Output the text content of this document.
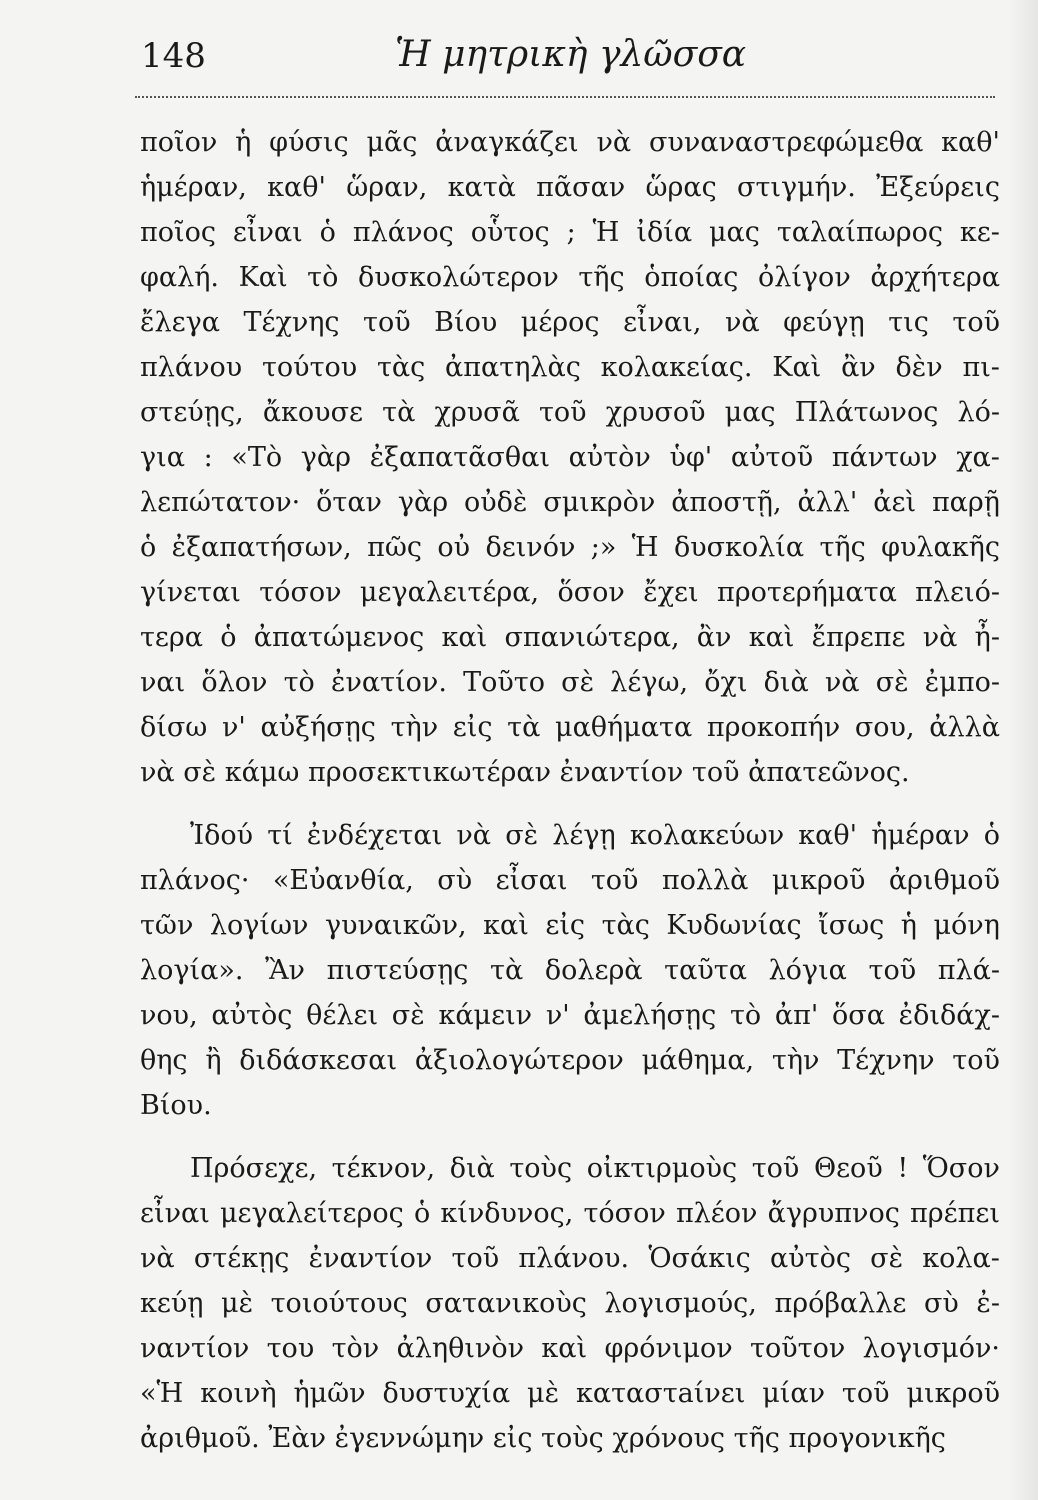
148	Ἡ μητρικὴ γλῶσσα
ποῖον ἡ φύσις μᾶς ἀναγκάζει νὰ συναναστρεφώμεθα καθ'
ἡμέραν, καθ' ὥραν, κατὰ πᾶσαν ὥρας στιγμήν. Ἐξεύρεις
ποῖος εἶναι ὁ πλάνος οὗτος ; Ἡ ἰδία μας ταλαίπωρος κε-
φαλή. Καὶ τὸ δυσκολώτερον τῆς ὁποίας ὀλίγον ἀρχήτερα
ἔλεγα Τέχνης τοῦ Βίου μέρος εἶναι, νὰ φεύγῃ τις τοῦ
πλάνου τούτου τὰς ἀπατηλὰς κολακείας. Καὶ ἂν δὲν πι-
στεύῃς, ἄκουσε τὰ χρυσᾶ τοῦ χρυσοῦ μας Πλάτωνος λό-
για : «Τὸ γὰρ ἐξαπατᾶσθαι αὐτὸν ὑφ' αὐτοῦ πάντων χα-
λεπώτατον· ὅταν γὰρ οὐδὲ σμικρὸν ἀποστῇ, ἀλλ' ἀεὶ παρῇ
ὁ ἐξαπατήσων, πῶς οὐ δεινόν ;» Ἡ δυσκολία τῆς φυλακῆς
γίνεται τόσον μεγαλειτέρα, ὅσον ἔχει προτερήματα πλειό-
τερα ὁ ἀπατώμενος καὶ σπανιώτερα, ἂν καὶ ἔπρεπε νὰ ἦ-
ναι ὅλον τὸ ἐνατίον. Τοῦτο σὲ λέγω, ὄχι διὰ νὰ σὲ ἐμπο-
δίσω ν' αὐξήσῃς τὴν εἰς τὰ μαθήματα προκοπήν σου, ἀλλὰ
νὰ σὲ κάμω προσεκτικωτέραν ἐναντίον τοῦ ἀπατεῶνος.
Ἰδού τί ἐνδέχεται νὰ σὲ λέγῃ κολακεύων καθ' ἡμέραν ὁ
πλάνος· «Εὐανθία, σὺ εἶσαι τοῦ πολλὰ μικροῦ ἀριθμοῦ
τῶν λογίων γυναικῶν, καὶ εἰς τὰς Κυδωνίας ἴσως ἡ μόνη
λογία». Ἂν πιστεύσῃς τὰ δολερὰ ταῦτα λόγια τοῦ πλά-
νου, αὐτὸς θέλει σὲ κάμειν ν' ἀμελήσῃς τὸ ἀπ' ὅσα ἐδιδάχ-
θης ἢ διδάσκεσαι ἀξιολογώτερον μάθημα, τὴν Τέχνην τοῦ
Βίου.
Πρόσεχε, τέκνον, διὰ τοὺς οἰκτιρμοὺς τοῦ Θεοῦ ! Ὅσον
εἶναι μεγαλείτερος ὁ κίνδυνος, τόσον πλέον ἄγρυπνος πρέπει
νὰ στέκῃς ἐναντίον τοῦ πλάνου. Ὁσάκις αὐτὸς σὲ κολα-
κεύῃ μὲ τοιούτους σατανικοὺς λογισμούς, πρόβαλλε σὺ ἐ-
ναντίον του τὸν ἀληθινὸν καὶ φρόνιμον τοῦτον λογισμόν·
«Ἡ κοινὴ ἡμῶν δυστυχία μὲ καταστaίνει μίαν τοῦ μικροῦ
ἀριθμοῦ. Ἐὰν ἐγεννώμην εἰς τοὺς χρόνους τῆς προγονικῆς
